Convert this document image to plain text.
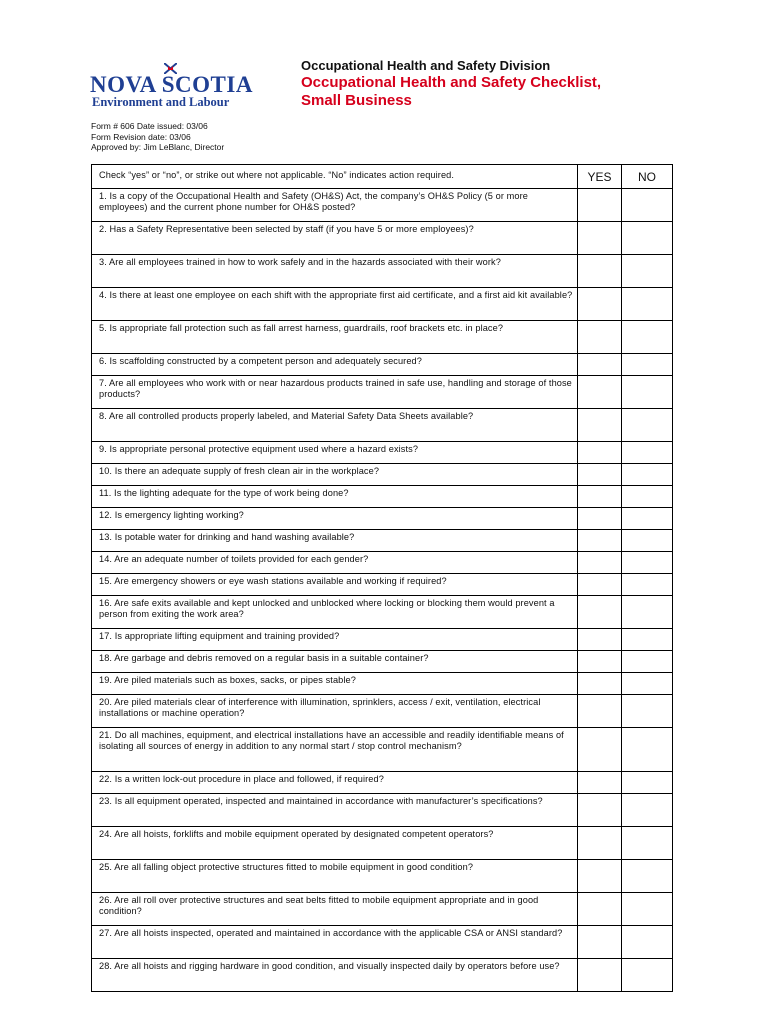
NOVA SCOTIA
Environment and Labour
Occupational Health and Safety Division
Occupational Health and Safety Checklist,
Small Business
Form # 606 Date issued: 03/06
Form Revision date: 03/06
Approved by: Jim LeBlanc, Director
Check “yes” or “no”, or strike out where not applicable. “No” indicates action required.	YES	NO
1. Is a copy of the Occupational Health and Safety (OH&S) Act, the company’s OH&S Policy (5 or more employees) and the current phone number for OH&S posted?
2. Has a Safety Representative been selected by staff (if you have 5 or more employees)?
3. Are all employees trained in how to work safely and in the hazards associated with their work?
4. Is there at least one employee on each shift with the appropriate first aid certificate, and a first aid kit available?
5. Is appropriate fall protection such as fall arrest harness, guardrails, roof brackets etc. in place?
6. Is scaffolding constructed by a competent person and adequately secured?
7. Are all employees who work with or near hazardous products trained in safe use, handling and storage of those products?
8. Are all controlled products properly labeled, and Material Safety Data Sheets available?
9. Is appropriate personal protective equipment used where a hazard exists?
10. Is there an adequate supply of fresh clean air in the workplace?
11. Is the lighting adequate for the type of work being done?
12. Is emergency lighting working?
13. Is potable water for drinking and hand washing available?
14. Are an adequate number of toilets provided for each gender?
15. Are emergency showers or eye wash stations available and working if required?
16. Are safe exits available and kept unlocked and unblocked where locking or blocking them would prevent a person from exiting the work area?
17. Is appropriate lifting equipment and training provided?
18. Are garbage and debris removed on a regular basis in a suitable container?
19. Are piled materials such as boxes, sacks, or pipes stable?
20. Are piled materials clear of interference with illumination, sprinklers, access / exit, ventilation, electrical installations or machine operation?
21. Do all machines, equipment, and electrical installations have an accessible and readily identifiable means of isolating all sources of energy in addition to any normal start / stop control mechanism?
22. Is a written lock-out procedure in place and followed, if required?
23. Is all equipment operated, inspected and maintained in accordance with manufacturer’s specifications?
24. Are all hoists, forklifts and mobile equipment operated by designated competent operators?
25. Are all falling object protective structures fitted to mobile equipment in good condition?
26. Are all roll over protective structures and seat belts fitted to mobile equipment appropriate and in good condition?
27. Are all hoists inspected, operated and maintained in accordance with the applicable CSA or ANSI standard?
28. Are all hoists and rigging hardware in good condition, and visually inspected daily by operators before use?
